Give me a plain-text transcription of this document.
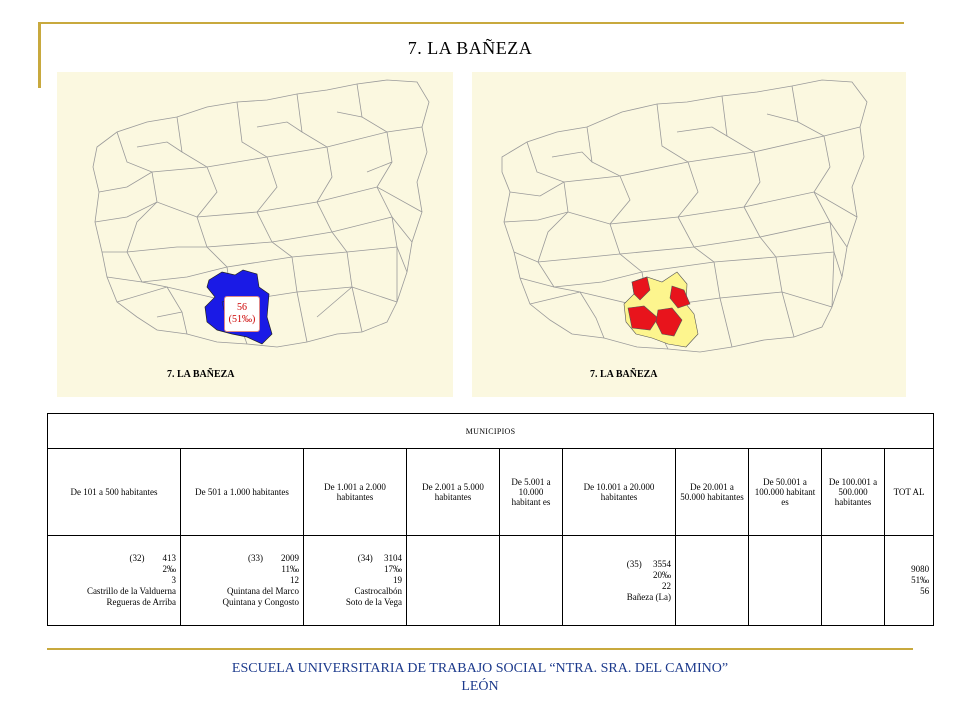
7. LA BAÑEZA
56
(51‰)
7. LA BAÑEZA	7. LA BAÑEZA
MUNICIPIOS									
De 101 a 500 habitantes	De 501 a 1.000 habitantes	De 1.001 a 2.000 habitantes	De 2.001 a 5.000 habitantes	De 5.001 a 10.000 habitant es	De 10.001 a 20.000 habitantes	De 20.001 a 50.000 habitantes	De 50.001 a 100.000 habitant es	De 100.001 a 500.000 habitantes	TOT AL

(32)        413
2‰
3
Castrillo de la Valduerna
Regueras de Arriba	(33)        2009
11‰
12
Quintana del Marco
Quintana y Congosto	(34)     3104
17‰
19
Castrocalbón
Soto de la Vega			(35)     3554
20‰
22
Bañeza (La)				9080
51‰
56
ESCUELA UNIVERSITARIA DE TRABAJO SOCIAL “NTRA. SRA. DEL CAMINO”
LEÓN
